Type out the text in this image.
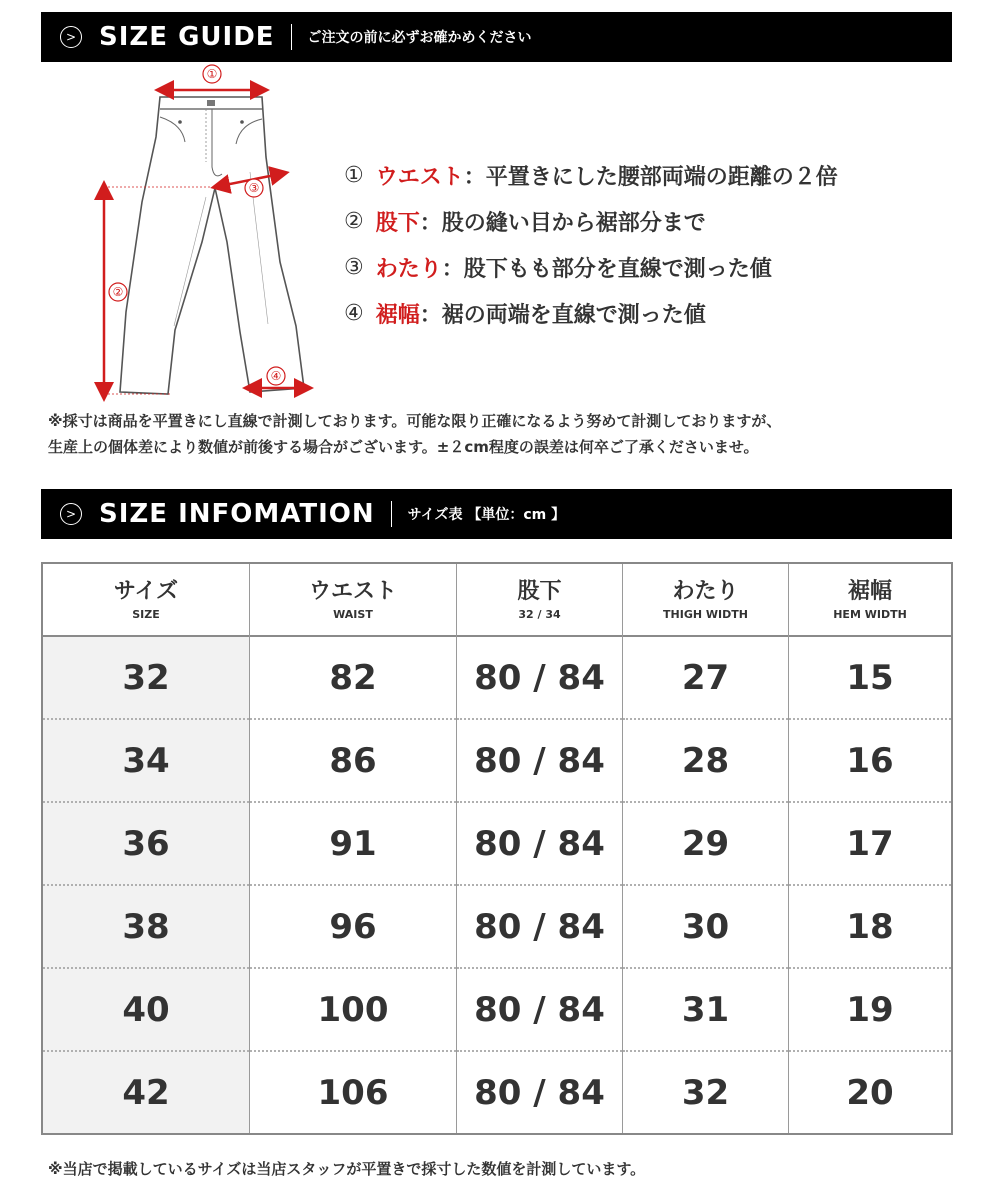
> SIZE GUIDE ご注文の前に必ずお確かめください
①
②
③
④
① ウエスト ：平置きにした腰部両端の距離の２倍
② 股下 ：股の縫い目から裾部分まで
③ わたり ：股下もも部分を直線で測った値
④ 裾幅 ：裾の両端を直線で測った値
※採寸は商品を平置きにし直線で計測しております。可能な限り正確になるよう努めて計測しておりますが、
生産上の個体差により数値が前後する場合がございます。±２cm程度の誤差は何卒ご了承くださいませ。
> SIZE INFOMATION サイズ表 【単位：cm 】
サイズ
SIZE
32
34
36
38
40
42
ウエスト
WAIST
82
86
91
96
100
106
股下
32 / 34
80 / 84
80 / 84
80 / 84
80 / 84
80 / 84
80 / 84
わたり
THIGH WIDTH
27
28
29
30
31
32
裾幅
HEM WIDTH
15
16
17
18
19
20
※当店で掲載しているサイズは当店スタッフが平置きで採寸した数値を計測しています。
